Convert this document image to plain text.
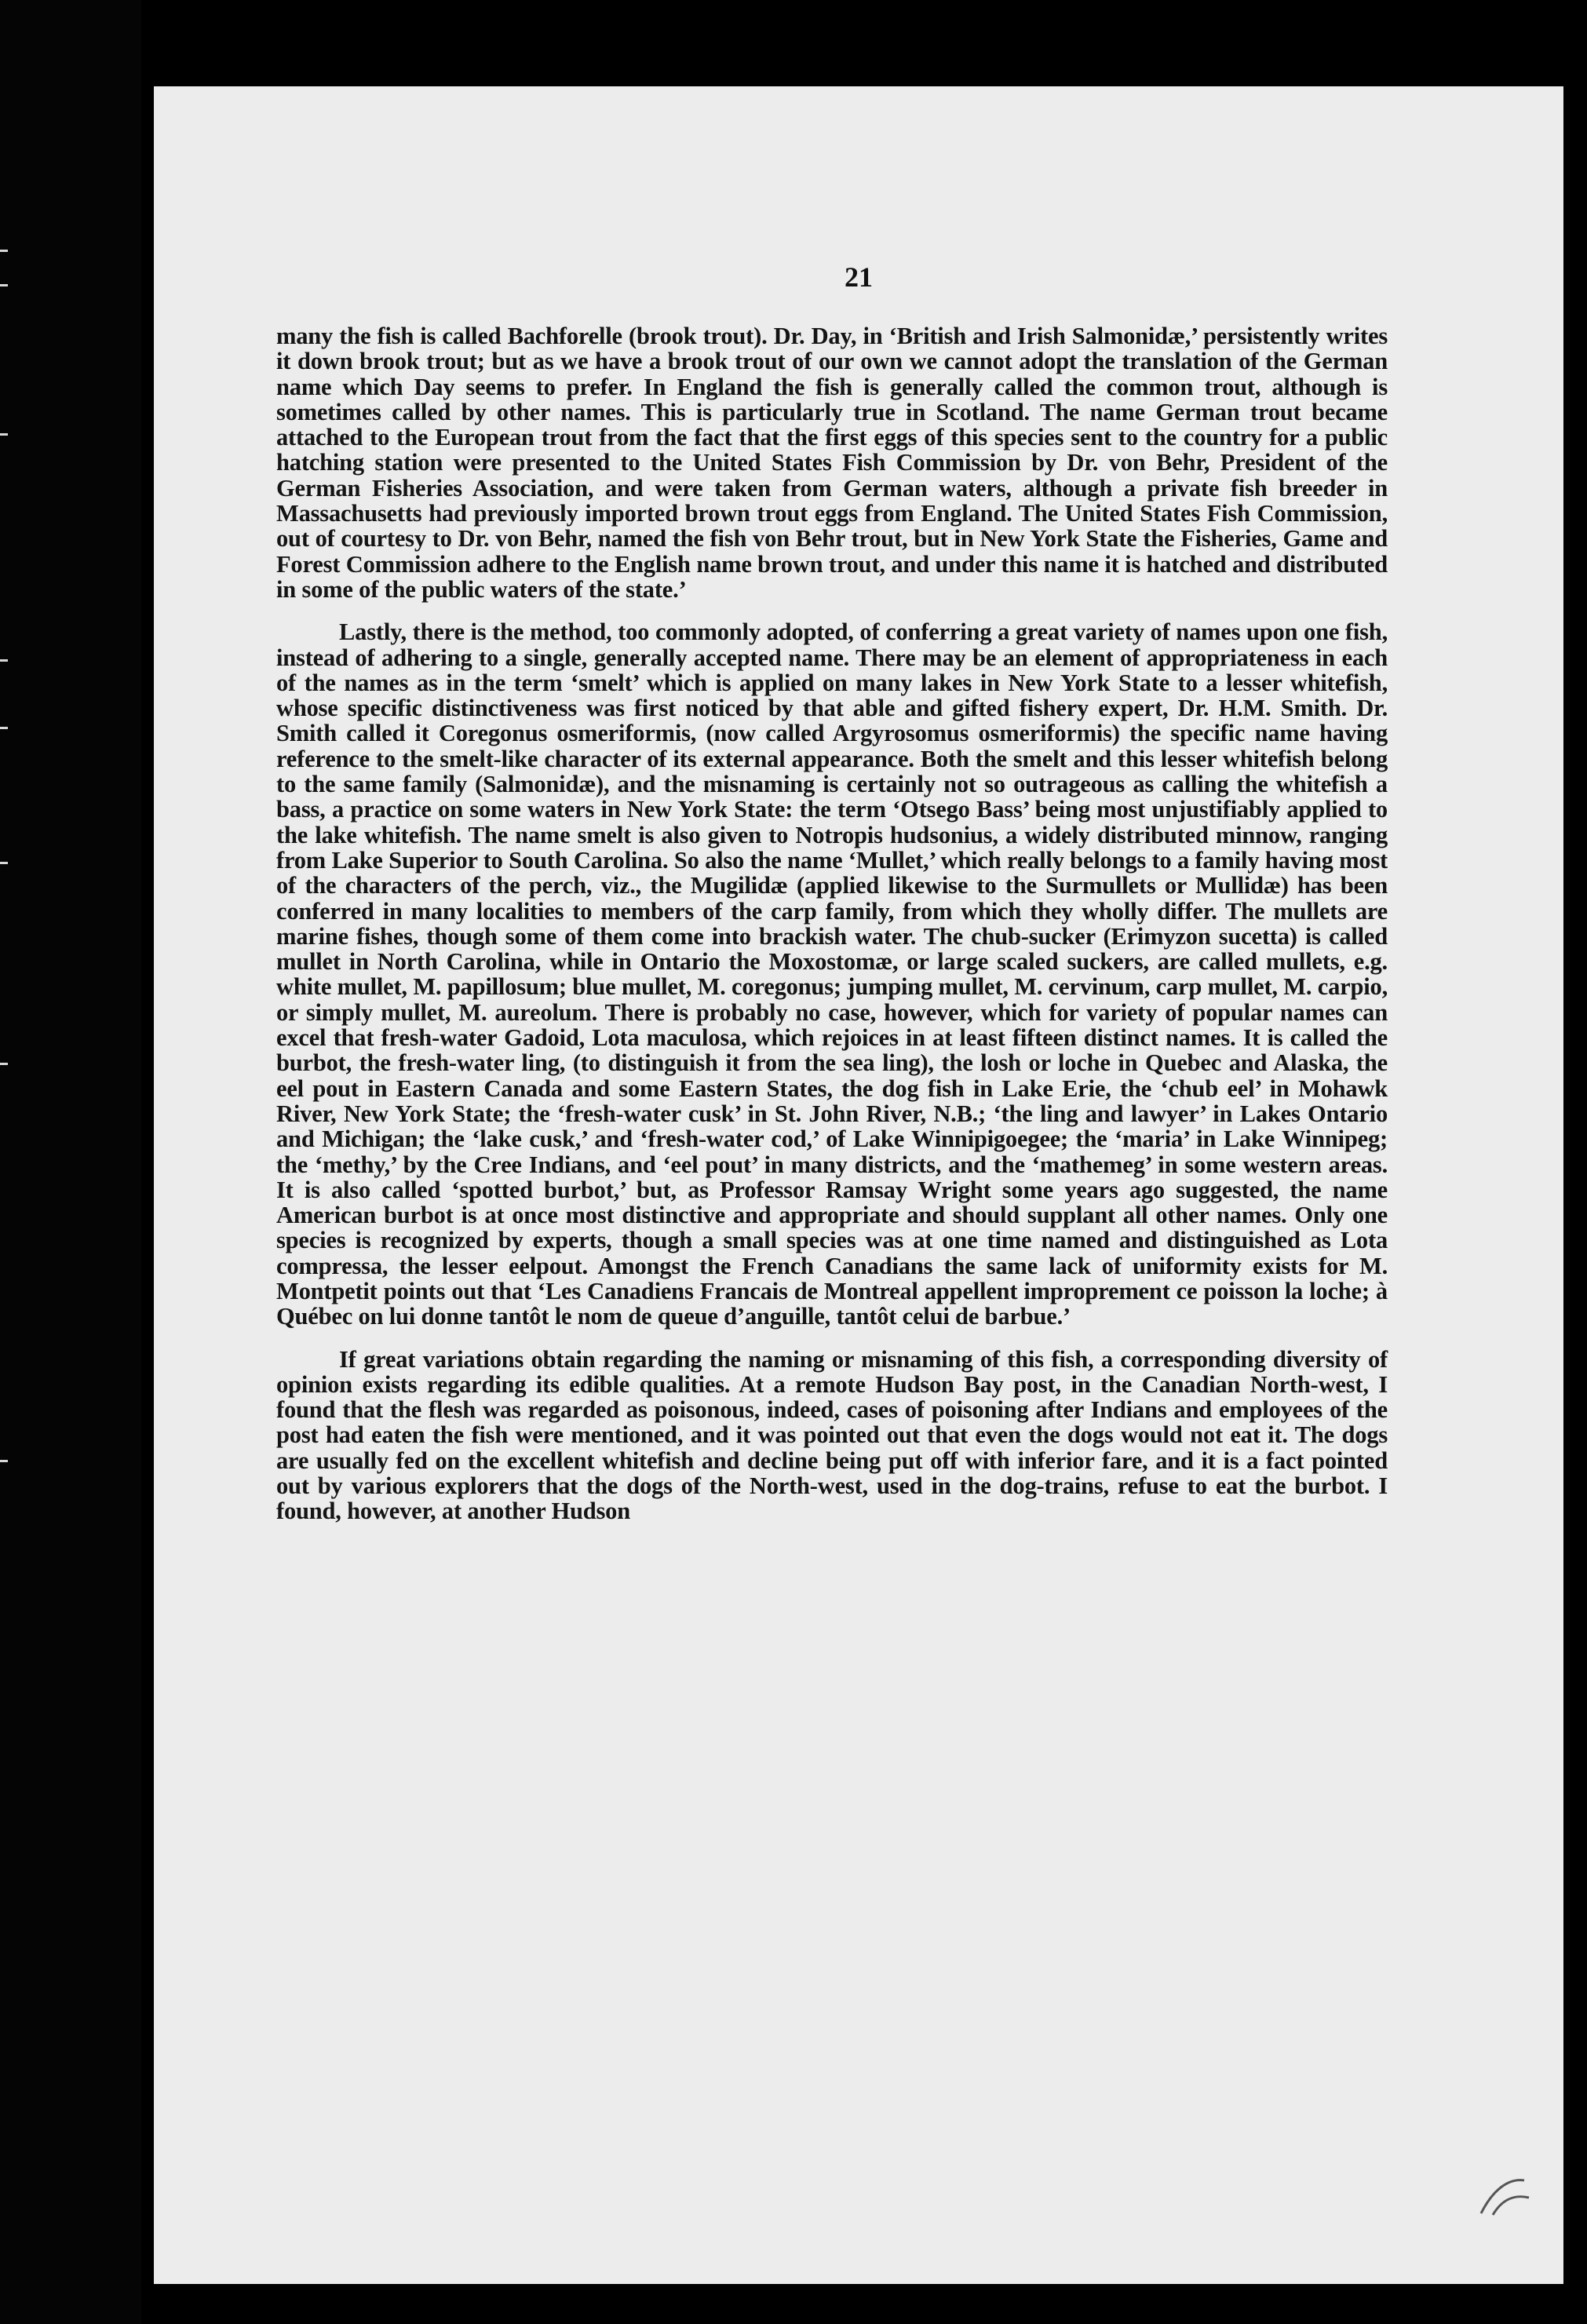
21

many the fish is called Bachforelle (brook trout). Dr. Day, in ‘British and Irish Salmonidæ,’ persistently writes it down brook trout; but as we have a brook trout of our own we cannot adopt the translation of the German name which Day seems to prefer. In England the fish is generally called the common trout, although is sometimes called by other names. This is particularly true in Scotland. The name German trout became attached to the European trout from the fact that the first eggs of this species sent to the country for a public hatching station were presented to the United States Fish Commission by Dr. von Behr, President of the German Fisheries Association, and were taken from German waters, although a private fish breeder in Massachusetts had previously imported brown trout eggs from England. The United States Fish Commission, out of courtesy to Dr. von Behr, named the fish von Behr trout, but in New York State the Fisheries, Game and Forest Commission adhere to the English name brown trout, and under this name it is hatched and distributed in some of the public waters of the state.’

Lastly, there is the method, too commonly adopted, of conferring a great variety of names upon one fish, instead of adhering to a single, generally accepted name. There may be an element of appropriateness in each of the names as in the term ‘smelt’ which is applied on many lakes in New York State to a lesser whitefish, whose specific distinctiveness was first noticed by that able and gifted fishery expert, Dr. H.M. Smith. Dr. Smith called it Coregonus osmeriformis, (now called Argyrosomus osmeriformis) the specific name having reference to the smelt-like character of its external appearance. Both the smelt and this lesser whitefish belong to the same family (Salmonidæ), and the misnaming is certainly not so outrageous as calling the whitefish a bass, a practice on some waters in New York State: the term ‘Otsego Bass’ being most unjustifiably applied to the lake whitefish. The name smelt is also given to Notropis hudsonius, a widely distributed minnow, ranging from Lake Superior to South Carolina. So also the name ‘Mullet,’ which really belongs to a family having most of the characters of the perch, viz., the Mugilidæ (applied likewise to the Surmullets or Mullidæ) has been conferred in many localities to members of the carp family, from which they wholly differ. The mullets are marine fishes, though some of them come into brackish water. The chub-sucker (Erimyzon sucetta) is called mullet in North Carolina, while in Ontario the Moxostomæ, or large scaled suckers, are called mullets, e.g. white mullet, M. papillosum; blue mullet, M. coregonus; jumping mullet, M. cervinum, carp mullet, M. carpio, or simply mullet, M. aureolum. There is probably no case, however, which for variety of popular names can excel that fresh-water Gadoid, Lota maculosa, which rejoices in at least fifteen distinct names. It is called the burbot, the fresh-water ling, (to distinguish it from the sea ling), the losh or loche in Quebec and Alaska, the eel pout in Eastern Canada and some Eastern States, the dog fish in Lake Erie, the ‘chub eel’ in Mohawk River, New York State; the ‘fresh-water cusk’ in St. John River, N.B.; ‘the ling and lawyer’ in Lakes Ontario and Michigan; the ‘lake cusk,’ and ‘fresh-water cod,’ of Lake Winnipigoegee; the ‘maria’ in Lake Winnipeg; the ‘methy,’ by the Cree Indians, and ‘eel pout’ in many districts, and the ‘mathemeg’ in some western areas. It is also called ‘spotted burbot,’ but, as Professor Ramsay Wright some years ago suggested, the name American burbot is at once most distinctive and appropriate and should supplant all other names. Only one species is recognized by experts, though a small species was at one time named and distinguished as Lota compressa, the lesser eelpout. Amongst the French Canadians the same lack of uniformity exists for M. Montpetit points out that ‘Les Canadiens Francais de Montreal appellent improprement ce poisson la loche; à Québec on lui donne tantôt le nom de queue d’anguille, tantôt celui de barbue.’

If great variations obtain regarding the naming or misnaming of this fish, a corresponding diversity of opinion exists regarding its edible qualities. At a remote Hudson Bay post, in the Canadian North-west, I found that the flesh was regarded as poisonous, indeed, cases of poisoning after Indians and employees of the post had eaten the fish were mentioned, and it was pointed out that even the dogs would not eat it. The dogs are usually fed on the excellent whitefish and decline being put off with inferior fare, and it is a fact pointed out by various explorers that the dogs of the North-west, used in the dog-trains, refuse to eat the burbot. I found, however, at another Hudson
